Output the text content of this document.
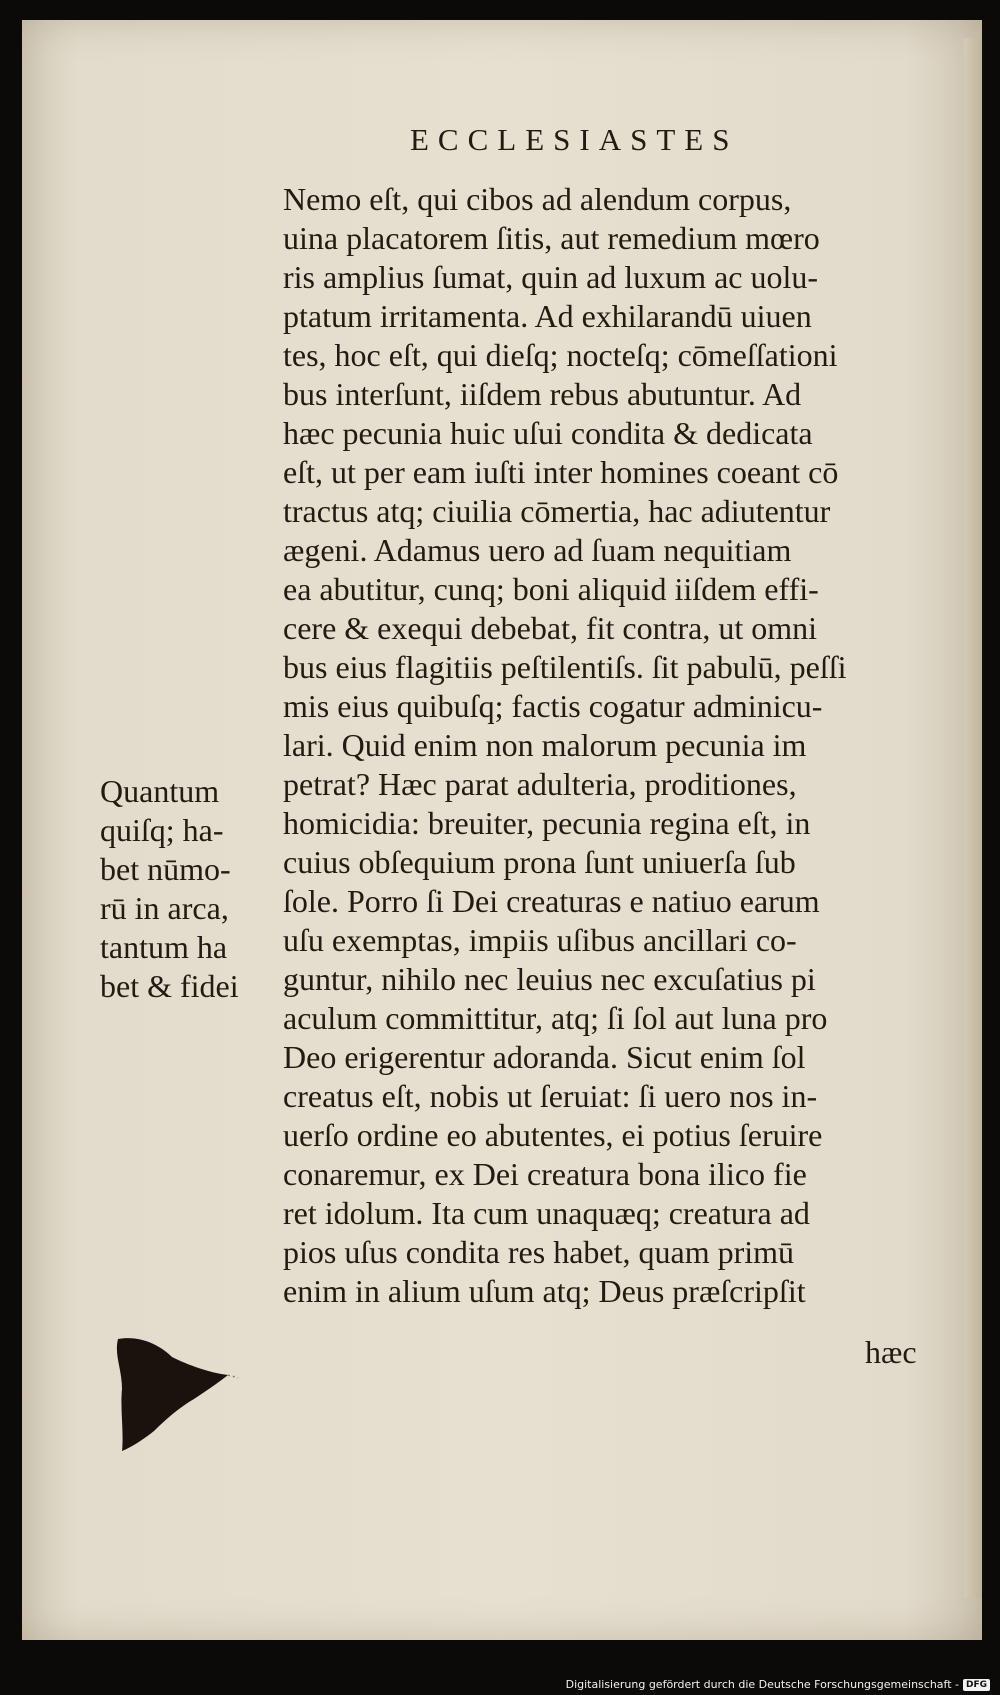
ECCLESIASTES
Quantum
quiſq; ha-
bet nūmo-
rū in arca,
tantum ha
bet & fidei
Nemo eſt, qui cibos ad alendum corpus,
uina placatorem ſitis, aut remedium mœro
ris amplius ſumat, quin ad luxum ac uolu-
ptatum irritamenta. Ad exhilarandū uiuen
tes, hoc eſt, qui dieſq; nocteſq; cōmeſſationi
bus interſunt, iiſdem rebus abutuntur. Ad
hæc pecunia huic uſui condita & dedicata
eſt, ut per eam iuſti inter homines coeant cō
tractus atq; ciuilia cōmertia, hac adiutentur
ægeni. Adamus uero ad ſuam nequitiam
ea abutitur, cunq; boni aliquid iiſdem effi-
cere & exequi debebat, fit contra, ut omni
bus eius flagitiis peſtilentiſs. ſit pabulū, peſſi
mis eius quibuſq; factis cogatur adminicu-
lari. Quid enim non malorum pecunia im
petrat? Hæc parat adulteria, proditiones,
homicidia: breuiter, pecunia regina eſt, in
cuius obſequium prona ſunt uniuerſa ſub
ſole. Porro ſi Dei creaturas e natiuo earum
uſu exemptas, impiis uſibus ancillari co-
guntur, nihilo nec leuius nec excuſatius pi
aculum committitur, atq; ſi ſol aut luna pro
Deo erigerentur adoranda. Sicut enim ſol
creatus eſt, nobis ut ſeruiat: ſi uero nos in-
uerſo ordine eo abutentes, ei potius ſeruire
conaremur, ex Dei creatura bona ilico fie
ret idolum. Ita cum unaquæq; creatura ad
pios uſus condita res habet, quam primū
enim in alium uſum atq; Deus præſcripſit
hæc
Digitalisierung gefördert durch die Deutsche Forschungsgemeinschaft - DFG
